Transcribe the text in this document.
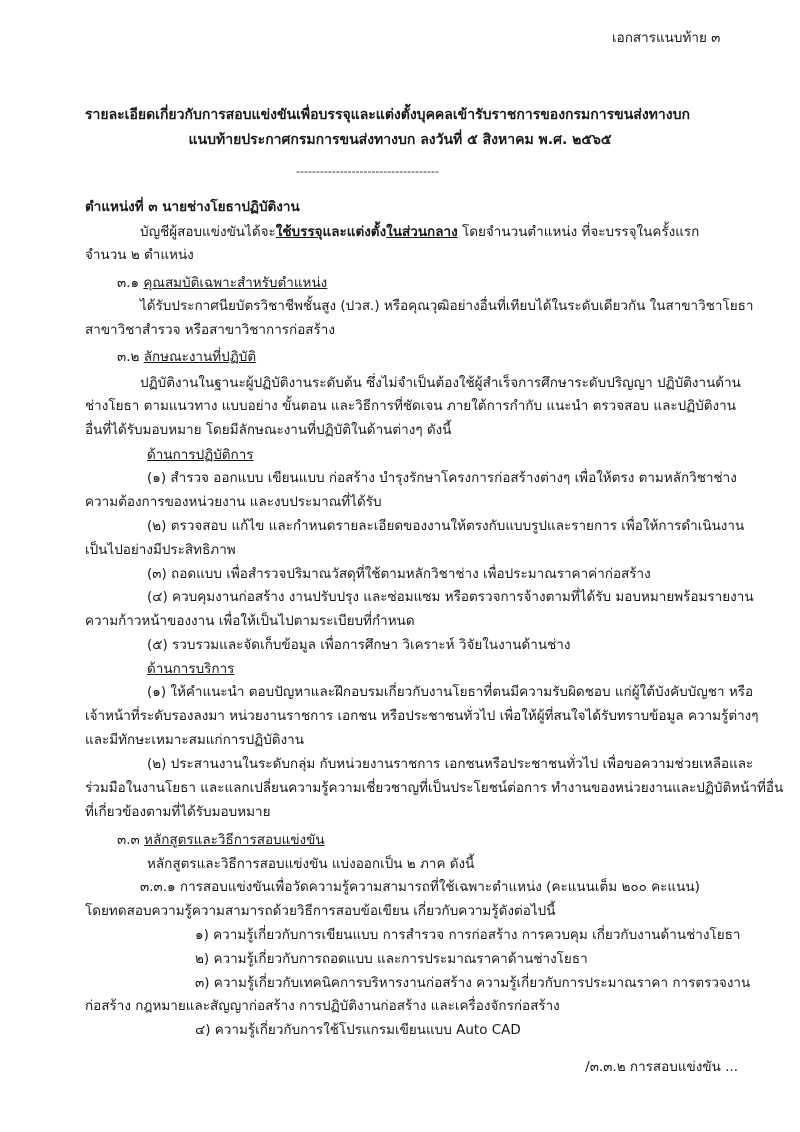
เอกสารแนบท้าย ๓
รายละเอียดเกี่ยวกับการสอบแข่งขันเพื่อบรรจุและแต่งตั้งบุคคลเข้ารับราชการของกรมการขนส่งทางบก
แนบท้ายประกาศกรมการขนส่งทางบก ลงวันที่ ๕ สิงหาคม พ.ศ. ๒๕๖๕
------------------------------------
ตำแหน่งที่ ๓ นายช่างโยธาปฏิบัติงาน
บัญชีผู้สอบแข่งขันได้จะใช้บรรจุและแต่งตั้งในส่วนกลาง โดยจำนวนตำแหน่ง ที่จะบรรจุในครั้งแรก
จำนวน ๒ ตำแหน่ง
๓.๑ คุณสมบัติเฉพาะสำหรับตำแหน่ง
ได้รับประกาศนียบัตรวิชาชีพชั้นสูง (ปวส.) หรือคุณวุฒิอย่างอื่นที่เทียบได้ในระดับเดียวกัน ในสาขาวิชาโยธา
สาขาวิชาสำรวจ หรือสาขาวิชาการก่อสร้าง
๓.๒ ลักษณะงานที่ปฏิบัติ
ปฏิบัติงานในฐานะผู้ปฏิบัติงานระดับต้น ซึ่งไม่จำเป็นต้องใช้ผู้สำเร็จการศึกษาระดับปริญญา ปฏิบัติงานด้าน
ช่างโยธา ตามแนวทาง แบบอย่าง ขั้นตอน และวิธีการที่ชัดเจน ภายใต้การกำกับ แนะนำ ตรวจสอบ และปฏิบัติงาน
อื่นที่ได้รับมอบหมาย โดยมีลักษณะงานที่ปฏิบัติในด้านต่างๆ ดังนี้
ด้านการปฏิบัติการ
(๑) สำรวจ ออกแบบ เขียนแบบ ก่อสร้าง บำรุงรักษาโครงการก่อสร้างต่างๆ เพื่อให้ตรง ตามหลักวิชาช่าง
ความต้องการของหน่วยงาน และงบประมาณที่ได้รับ
(๒) ตรวจสอบ แก้ไข และกำหนดรายละเอียดของงานให้ตรงกับแบบรูปและรายการ เพื่อให้การดำเนินงาน
เป็นไปอย่างมีประสิทธิภาพ
(๓) ถอดแบบ เพื่อสำรวจปริมาณวัสดุที่ใช้ตามหลักวิชาช่าง เพื่อประมาณราคาค่าก่อสร้าง
(๔) ควบคุมงานก่อสร้าง งานปรับปรุง และซ่อมแซม หรือตรวจการจ้างตามที่ได้รับ มอบหมายพร้อมรายงาน
ความก้าวหน้าของงาน เพื่อให้เป็นไปตามระเบียบที่กำหนด
(๕) รวบรวมและจัดเก็บข้อมูล เพื่อการศึกษา วิเคราะห์ วิจัยในงานด้านช่าง
ด้านการบริการ
(๑) ให้คำแนะนำ ตอบปัญหาและฝึกอบรมเกี่ยวกับงานโยธาที่ตนมีความรับผิดชอบ แก่ผู้ใต้บังคับบัญชา หรือ
เจ้าหน้าที่ระดับรองลงมา หน่วยงานราชการ เอกชน หรือประชาชนทั่วไป เพื่อให้ผู้ที่สนใจได้รับทราบข้อมูล ความรู้ต่างๆ
และมีทักษะเหมาะสมแก่การปฏิบัติงาน
(๒) ประสานงานในระดับกลุ่ม กับหน่วยงานราชการ เอกชนหรือประชาชนทั่วไป เพื่อขอความช่วยเหลือและ
ร่วมมือในงานโยธา และแลกเปลี่ยนความรู้ความเชี่ยวชาญที่เป็นประโยชน์ต่อการ ทำงานของหน่วยงานและปฏิบัติหน้าที่อื่น
ที่เกี่ยวข้องตามที่ได้รับมอบหมาย
๓.๓ หลักสูตรและวิธีการสอบแข่งขัน
หลักสูตรและวิธีการสอบแข่งขัน แบ่งออกเป็น ๒ ภาค ดังนี้
๓.๓.๑ การสอบแข่งขันเพื่อวัดความรู้ความสามารถที่ใช้เฉพาะตำแหน่ง (คะแนนเต็ม ๒๐๐ คะแนน)
โดยทดสอบความรู้ความสามารถด้วยวิธีการสอบข้อเขียน เกี่ยวกับความรู้ดังต่อไปนี้
๑) ความรู้เกี่ยวกับการเขียนแบบ การสำรวจ การก่อสร้าง การควบคุม เกี่ยวกับงานด้านช่างโยธา
๒) ความรู้เกี่ยวกับการถอดแบบ และการประมาณราคาด้านช่างโยธา
๓) ความรู้เกี่ยวกับเทคนิคการบริหารงานก่อสร้าง ความรู้เกี่ยวกับการประมาณราคา การตรวจงาน
ก่อสร้าง กฎหมายและสัญญาก่อสร้าง การปฏิบัติงานก่อสร้าง และเครื่องจักรก่อสร้าง
๔) ความรู้เกี่ยวกับการใช้โปรแกรมเขียนแบบ Auto CAD
/๓.๓.๒ การสอบแข่งขัน ...
